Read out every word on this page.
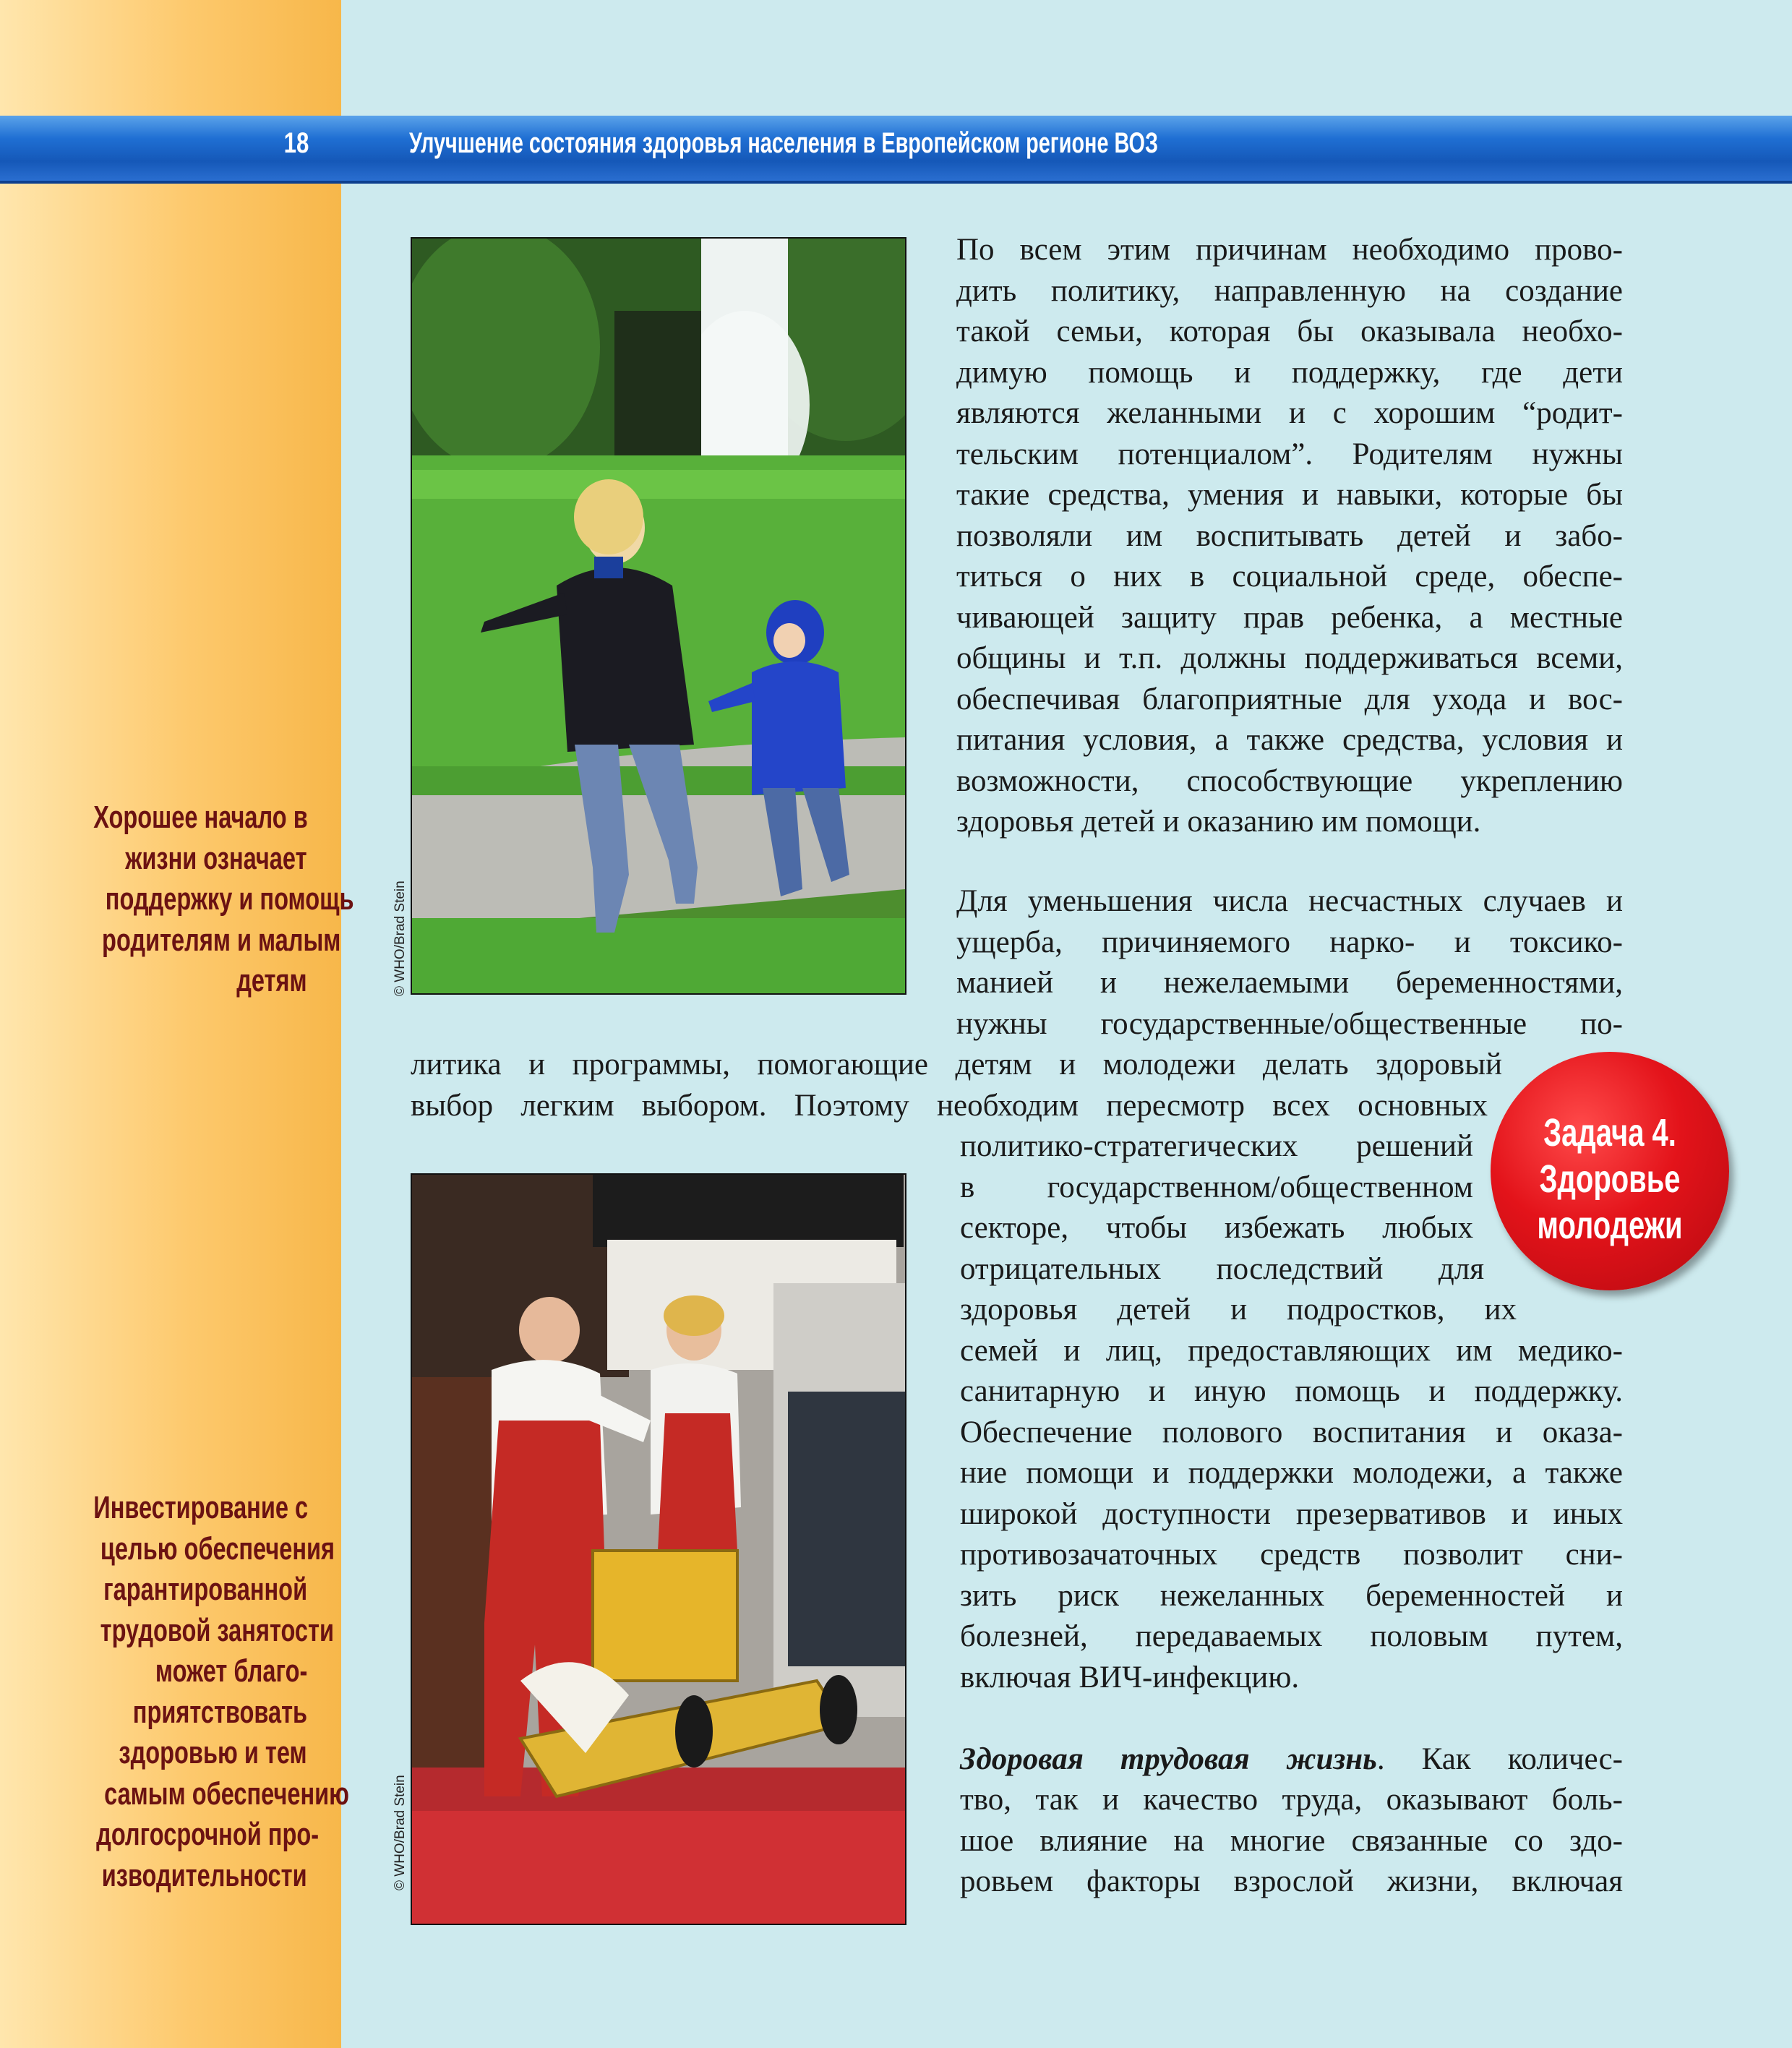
18	Улучшение состояния здоровья населения в Европейском регионе ВОЗ
© WHO/Brad Stein
© WHO/Brad Stein
Хорошее начало в
жизни означает
поддержку и помощь
родителям и малым
детям
Инвестирование с
целью обеспечения
гарантированной
трудовой занятости
может благо-
приятствовать
здоровью и тем
самым обеспечению
долгосрочной про-
изводительности
По всем этим причинам необходимо прово-
дить политику, направленную на создание
такой семьи, которая бы оказывала необхо-
димую помощь и поддержку, где дети
являются желанными и с хорошим “родит-
тельским потенциалом”. Родителям нужны
такие средства, умения и навыки, которые бы
позволяли им воспитывать детей и забо-
титься о них в социальной среде, обеспе-
чивающей защиту прав ребенка, а местные
общины и т.п. должны поддерживаться всеми,
обеспечивая благоприятные для ухода и вос-
питания условия, а также средства, условия и
возможности, способствующие укреплению
здоровья детей и оказанию им помощи.
Для уменьшения числа несчастных случаев и
ущерба, причиняемого нарко- и токсико-
манией и нежелаемыми беременностями,
нужны государственные/общественные по-
литика и программы, помогающие детям и молодежи делать здоровый
выбор легким выбором. Поэтому необходим пересмотр всех основных
политико-стратегических решений
в государственном/общественном
секторе, чтобы избежать любых
отрицательных последствий для
здоровья детей и подростков, их
семей и лиц, предоставляющих им медико-
санитарную и иную помощь и поддержку.
Обеспечение полового воспитания и оказа-
ние помощи и поддержки молодежи, а также
широкой доступности презервативов и иных
противозачаточных средств позволит сни-
зить риск нежеланных беременностей и
болезней, передаваемых половым путем,
включая ВИЧ-инфекцию.
Здоровая трудовая жизнь. Как количес-
тво, так и качество труда, оказывают боль-
шое влияние на многие связанные со здо-
ровьем факторы взрослой жизни, включая
Задача 4.
Здоровье
молодежи
